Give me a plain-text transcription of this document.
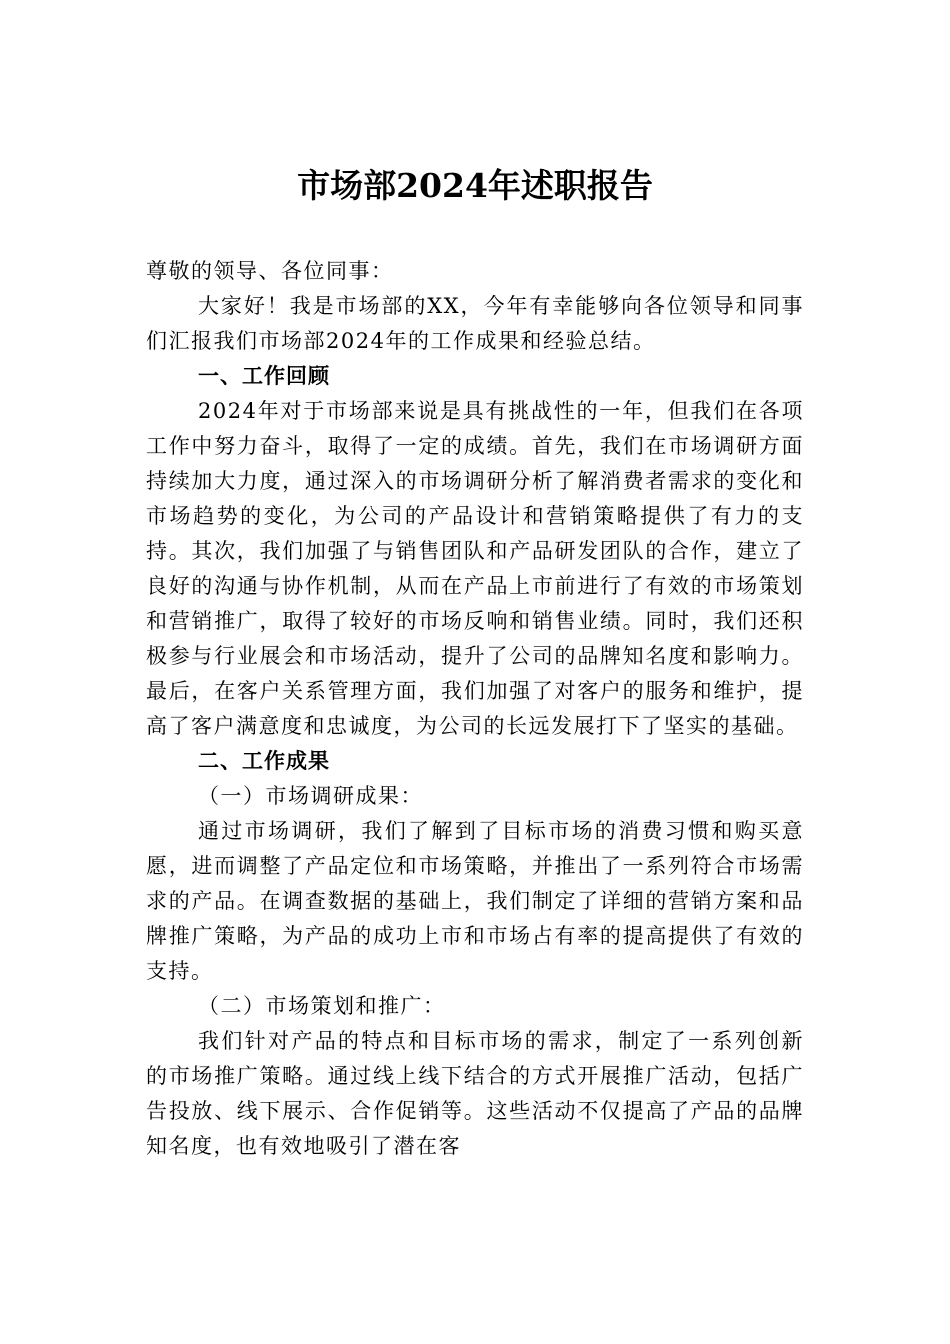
市场部2024年述职报告

尊敬的领导、各位同事：

大家好！我是市场部的XX，今年有幸能够向各位领导和同事们汇报我们市场部2024年的工作成果和经验总结。

一、工作回顾

2024年对于市场部来说是具有挑战性的一年，但我们在各项工作中努力奋斗，取得了一定的成绩。首先，我们在市场调研方面持续加大力度，通过深入的市场调研分析了解消费者需求的变化和市场趋势的变化，为公司的产品设计和营销策略提供了有力的支持。其次，我们加强了与销售团队和产品研发团队的合作，建立了良好的沟通与协作机制，从而在产品上市前进行了有效的市场策划和营销推广，取得了较好的市场反响和销售业绩。同时，我们还积极参与行业展会和市场活动，提升了公司的品牌知名度和影响力。最后，在客户关系管理方面，我们加强了对客户的服务和维护，提高了客户满意度和忠诚度，为公司的长远发展打下了坚实的基础。

二、工作成果

（一）市场调研成果：

通过市场调研，我们了解到了目标市场的消费习惯和购买意愿，进而调整了产品定位和市场策略，并推出了一系列符合市场需求的产品。在调查数据的基础上，我们制定了详细的营销方案和品牌推广策略，为产品的成功上市和市场占有率的提高提供了有效的支持。

（二）市场策划和推广：

我们针对产品的特点和目标市场的需求，制定了一系列创新的市场推广策略。通过线上线下结合的方式开展推广活动，包括广告投放、线下展示、合作促销等。这些活动不仅提高了产品的品牌知名度，也有效地吸引了潜在客
